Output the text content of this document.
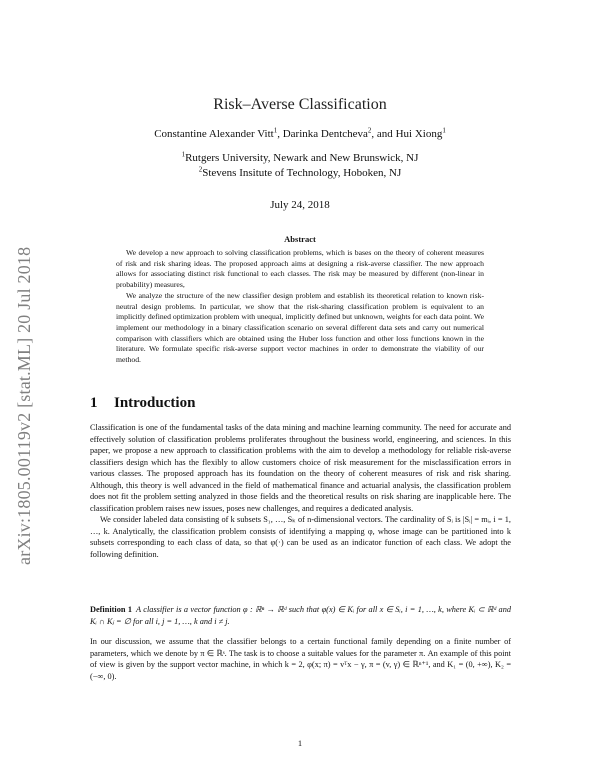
arXiv:1805.00119v2 [stat.ML] 20 Jul 2018
Risk–Averse Classification
Constantine Alexander Vitt$^1$, Darinka Dentcheva$^2$, and Hui Xiong$^1$
$^1$Rutgers University, Newark and New Brunswick, NJ
$^2$Stevens Insitute of Technology, Hoboken, NJ
July 24, 2018
Abstract

We develop a new approach to solving classification problems, which is bases on the theory of coherent measures of risk and risk sharing ideas. The proposed approach aims at designing a risk-averse classifier. The new approach allows for associating distinct risk functional to each classes. The risk may be measured by different (non-linear in probability) measures,

We analyze the structure of the new classifier design problem and establish its theoretical relation to known risk-neutral design problems. In particular, we show that the risk-sharing classification problem is equivalent to an implicitly defined optimization problem with unequal, implicitly defined but unknown, weights for each data point. We implement our methodology in a binary classification scenario on several different data sets and carry out numerical comparison with classifiers which are obtained using the Huber loss function and other loss functions known in the literature. We formulate specific risk-averse support vector machines in order to demonstrate the viability of our method.

1 Introduction

Classification is one of the fundamental tasks of the data mining and machine learning community. The need for accurate and effectively solution of classification problems proliferates throughout the business world, engineering, and sciences. In this paper, we propose a new approach to classification problems with the aim to develop a methodology for reliable risk-averse classifiers design which has the flexibly to allow customers choice of risk measurement for the misclassification errors in various classes. The proposed approach has its foundation on the theory of coherent measures of risk and risk sharing. Although, this theory is well advanced in the field of mathematical finance and actuarial analysis, the classification problem does not fit the problem setting analyzed in those fields and the theoretical results on risk sharing are inapplicable here. The classification problem raises new issues, poses new challenges, and requires a dedicated analysis.

We consider labeled data consisting of k subsets S₁, …, Sₖ of n-dimensional vectors. The cardinality of Sᵢ is |Sᵢ| = mᵢ, i = 1, …, k. Analytically, the classification problem consists of identifying a mapping φ, whose image can be partitioned into k subsets corresponding to each class of data, so that φ(·) can be used as an indicator function of each class. We adopt the following definition.

Definition 1 A classifier is a vector function φ : ℝⁿ → ℝᵈ such that φ(x) ∈ Kᵢ for all x ∈ Sᵢ, i = 1, …, k, where Kᵢ ⊂ ℝᵈ and Kᵢ ∩ Kⱼ = ∅ for all i, j = 1, …, k and i ≠ j.

In our discussion, we assume that the classifier belongs to a certain functional family depending on a finite number of parameters, which we denote by π ∈ ℝˢ. The task is to choose a suitable values for the parameter π. An example of this point of view is given by the support vector machine, in which k = 2, φ(x; π) = vᵀx − γ, π = (v, γ) ∈ ℝⁿ⁺¹, and K₁ = (0, +∞), K₂ = (−∞, 0).

1
